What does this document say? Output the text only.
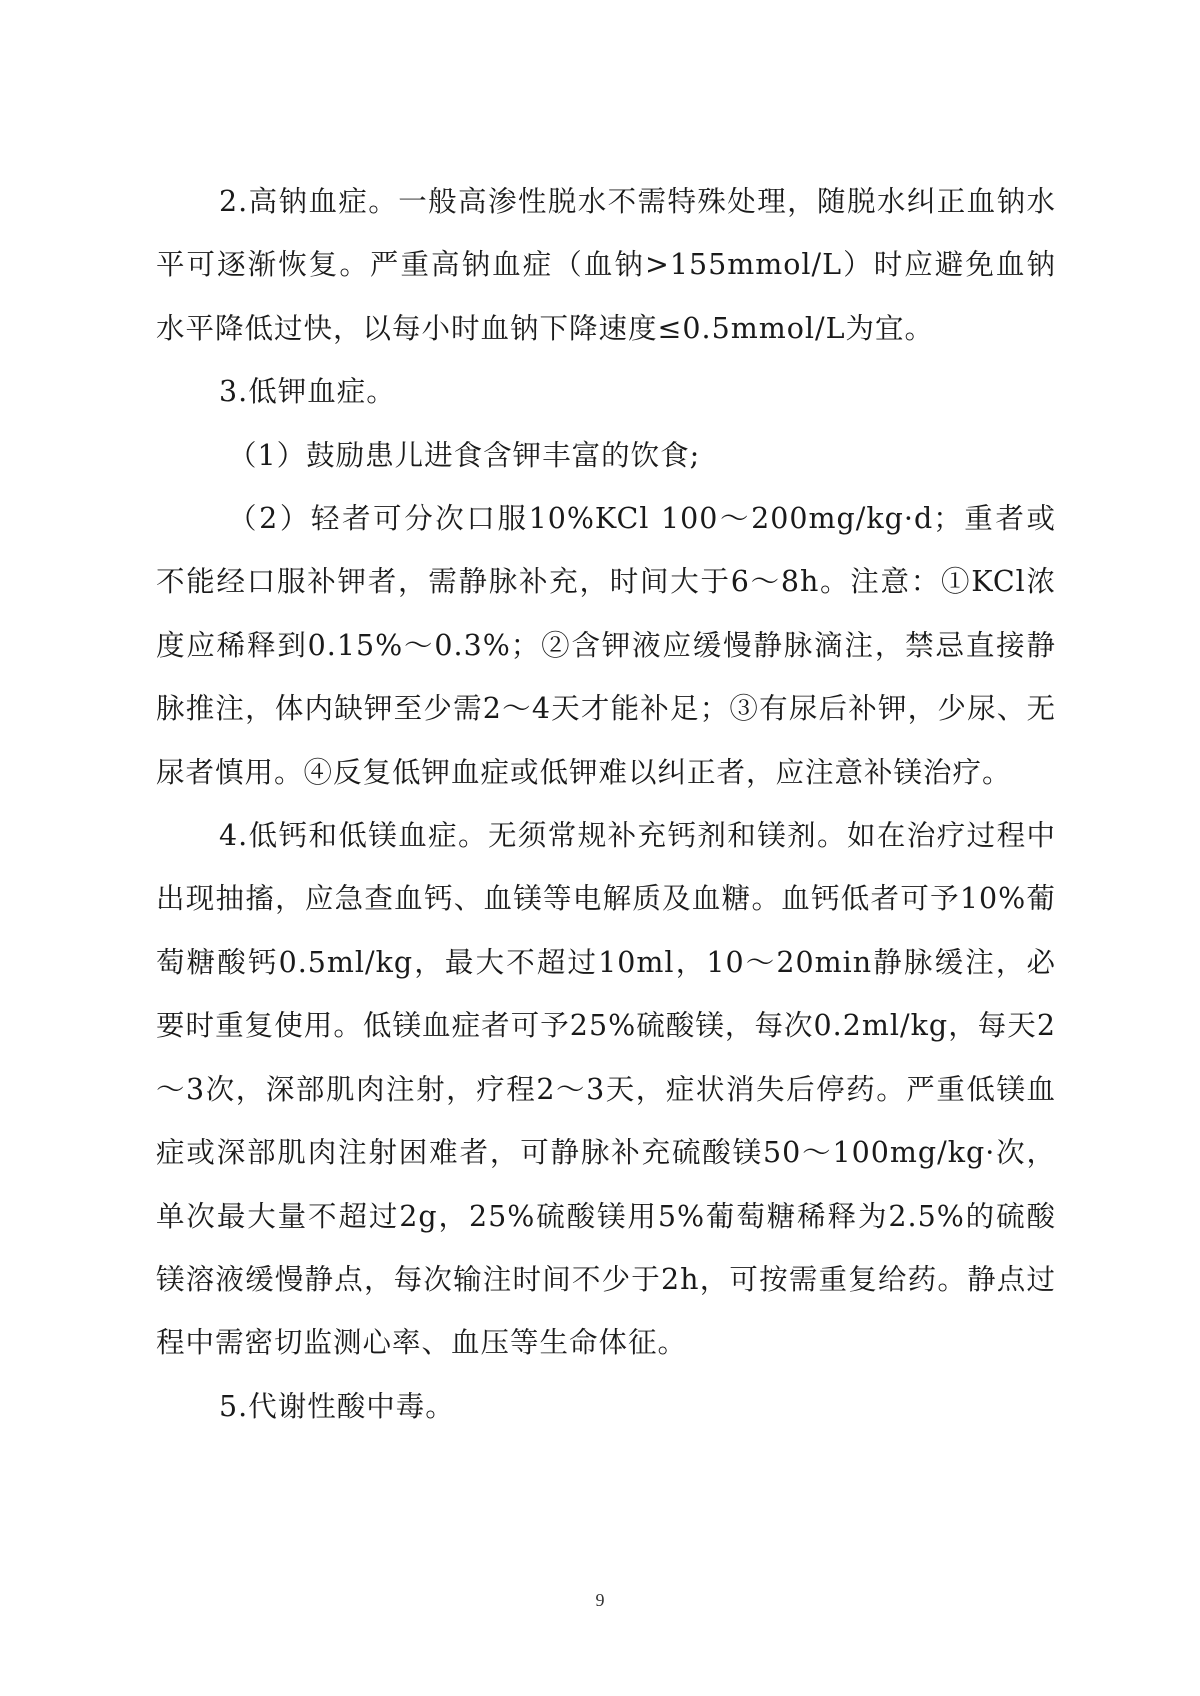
2.高钠血症。一般高渗性脱水不需特殊处理，随脱水纠正血钠水平可逐渐恢复。严重高钠血症（血钠>155mmol/L）时应避免血钠水平降低过快，以每小时血钠下降速度≤0.5mmol/L为宜。

3.低钾血症。

（1）鼓励患儿进食含钾丰富的饮食;

（2）轻者可分次口服10%KCl 100～200mg/kg·d；重者或不能经口服补钾者，需静脉补充，时间大于6～8h。注意：①KCl浓度应稀释到0.15%～0.3%；②含钾液应缓慢静脉滴注，禁忌直接静脉推注，体内缺钾至少需2～4天才能补足；③有尿后补钾，少尿、无尿者慎用。④反复低钾血症或低钾难以纠正者，应注意补镁治疗。

4.低钙和低镁血症。无须常规补充钙剂和镁剂。如在治疗过程中出现抽搐，应急查血钙、血镁等电解质及血糖。血钙低者可予10%葡萄糖酸钙0.5ml/kg，最大不超过10ml，10～20min静脉缓注，必要时重复使用。低镁血症者可予25%硫酸镁，每次0.2ml/kg，每天2～3次，深部肌肉注射，疗程2～3天，症状消失后停药。严重低镁血症或深部肌肉注射困难者，可静脉补充硫酸镁50～100mg/kg·次，单次最大量不超过2g，25%硫酸镁用5%葡萄糖稀释为2.5%的硫酸镁溶液缓慢静点，每次输注时间不少于2h，可按需重复给药。静点过程中需密切监测心率、血压等生命体征。

5.代谢性酸中毒。

9
